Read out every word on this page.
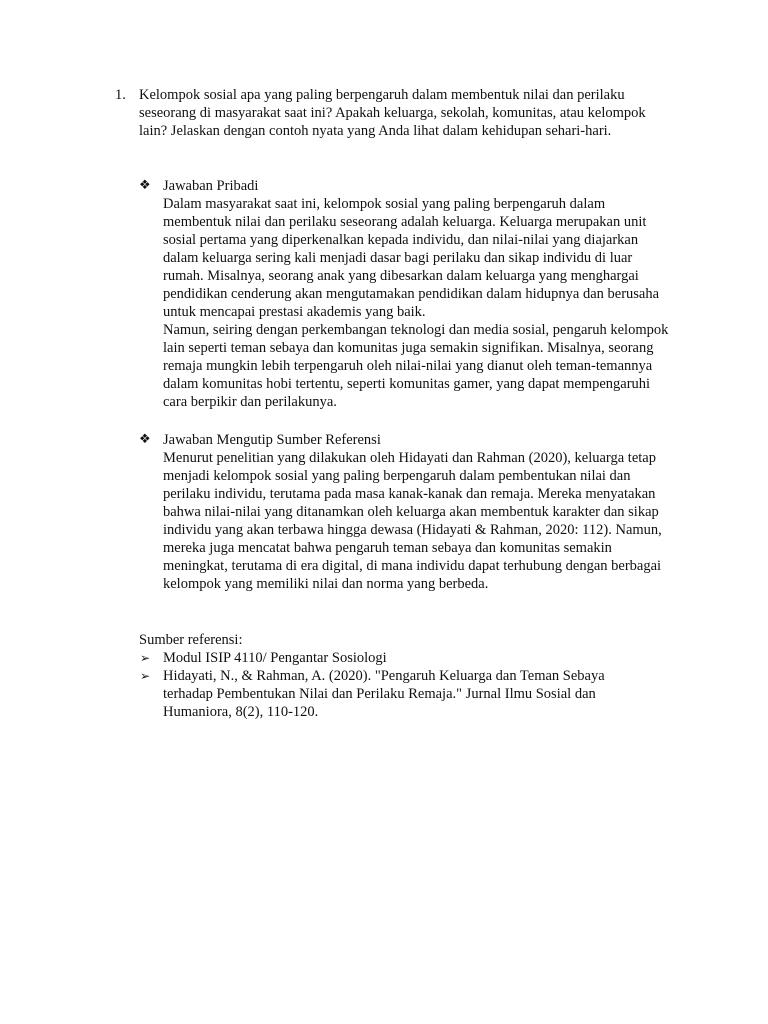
1. Kelompok sosial apa yang paling berpengaruh dalam membentuk nilai dan perilaku seseorang di masyarakat saat ini? Apakah keluarga, sekolah, komunitas, atau kelompok lain? Jelaskan dengan contoh nyata yang Anda lihat dalam kehidupan sehari-hari.
❖ Jawaban Pribadi

Dalam masyarakat saat ini, kelompok sosial yang paling berpengaruh dalam membentuk nilai dan perilaku seseorang adalah keluarga. Keluarga merupakan unit sosial pertama yang diperkenalkan kepada individu, dan nilai-nilai yang diajarkan dalam keluarga sering kali menjadi dasar bagi perilaku dan sikap individu di luar rumah. Misalnya, seorang anak yang dibesarkan dalam keluarga yang menghargai pendidikan cenderung akan mengutamakan pendidikan dalam hidupnya dan berusaha untuk mencapai prestasi akademis yang baik.

Namun, seiring dengan perkembangan teknologi dan media sosial, pengaruh kelompok lain seperti teman sebaya dan komunitas juga semakin signifikan. Misalnya, seorang remaja mungkin lebih terpengaruh oleh nilai-nilai yang dianut oleh teman-temannya dalam komunitas hobi tertentu, seperti komunitas gamer, yang dapat mempengaruhi cara berpikir dan perilakunya.

❖ Jawaban Mengutip Sumber Referensi

Menurut penelitian yang dilakukan oleh Hidayati dan Rahman (2020), keluarga tetap menjadi kelompok sosial yang paling berpengaruh dalam pembentukan nilai dan perilaku individu, terutama pada masa kanak-kanak dan remaja. Mereka menyatakan bahwa nilai-nilai yang ditanamkan oleh keluarga akan membentuk karakter dan sikap individu yang akan terbawa hingga dewasa (Hidayati & Rahman, 2020: 112). Namun, mereka juga mencatat bahwa pengaruh teman sebaya dan komunitas semakin meningkat, terutama di era digital, di mana individu dapat terhubung dengan berbagai kelompok yang memiliki nilai dan norma yang berbeda.

Sumber referensi:
➢ Modul ISIP 4110/ Pengantar Sosiologi
➢ Hidayati, N., & Rahman, A. (2020). "Pengaruh Keluarga dan Teman Sebaya terhadap Pembentukan Nilai dan Perilaku Remaja." Jurnal Ilmu Sosial dan Humaniora, 8(2), 110-120.
